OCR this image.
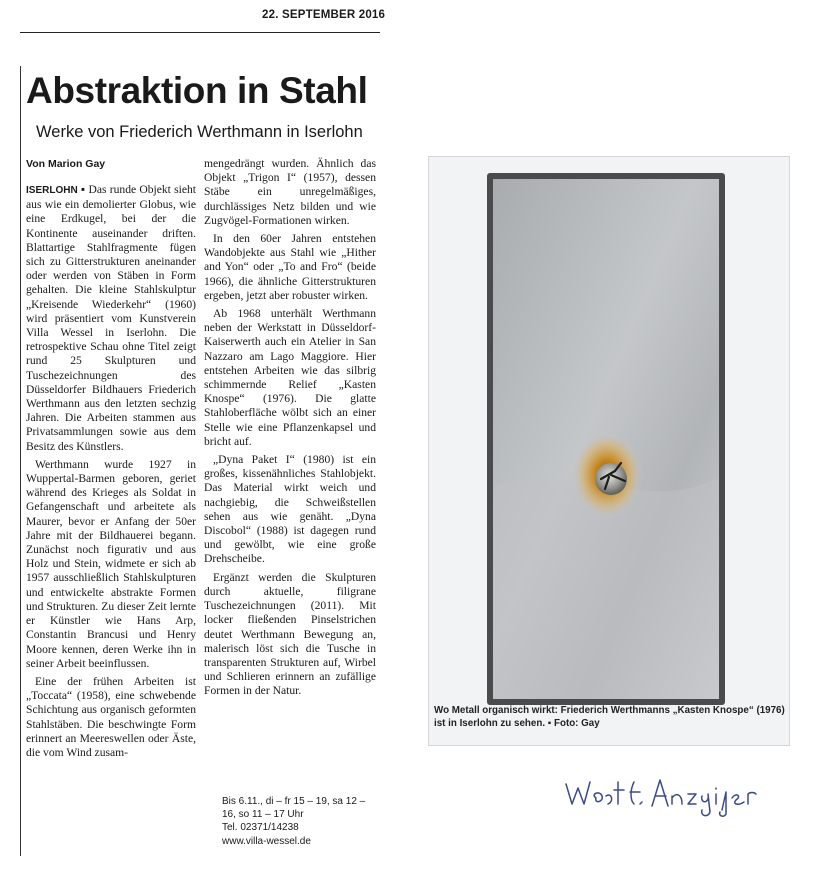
22. SEPTEMBER 2016
Abstraktion in Stahl
Werke von Friederich Werthmann in Iserlohn
Von Marion Gay

ISERLOHN ▪ Das runde Objekt sieht aus wie ein demolierter Globus, wie eine Erdkugel, bei der die Kontinente auseinander driften. Blattartige Stahlfragmente fügen sich zu Gitterstrukturen aneinander oder werden von Stäben in Form gehalten. Die kleine Stahlskulptur „Kreisende Wiederkehr“ (1960) wird präsentiert vom Kunstverein Villa Wessel in Iserlohn. Die retrospektive Schau ohne Titel zeigt rund 25 Skulpturen und Tuschezeichnungen des Düsseldorfer Bildhauers Friederich Werthmann aus den letzten sechzig Jahren. Die Arbeiten stammen aus Privatsammlungen sowie aus dem Besitz des Künstlers.

Werthmann wurde 1927 in Wuppertal-Barmen geboren, geriet während des Krieges als Soldat in Gefangenschaft und arbeitete als Maurer, bevor er Anfang der 50er Jahre mit der Bildhauerei begann. Zunächst noch figurativ und aus Holz und Stein, widmete er sich ab 1957 ausschließlich Stahlskulpturen und entwickelte abstrakte Formen und Strukturen. Zu dieser Zeit lernte er Künstler wie Hans Arp, Constantin Brancusi und Henry Moore kennen, deren Werke ihn in seiner Arbeit beeinflussen.

Eine der frühen Arbeiten ist „Toccata“ (1958), eine schwebende Schichtung aus organisch geformten Stahlstäben. Die beschwingte Form erinnert an Meereswellen oder Äste, die vom Wind zusam-

mengedrängt wurden. Ähnlich das Objekt „Trigon I“ (1957), dessen Stäbe ein unregelmäßiges, durchlässiges Netz bilden und wie Zugvögel-Formationen wirken.

In den 60er Jahren entstehen Wandobjekte aus Stahl wie „Hither and Yon“ oder „To and Fro“ (beide 1966), die ähnliche Gitterstrukturen ergeben, jetzt aber robuster wirken.

Ab 1968 unterhält Werthmann neben der Werkstatt in Düsseldorf-Kaiserwerth auch ein Atelier in San Nazzaro am Lago Maggiore. Hier entstehen Arbeiten wie das silbrig schimmernde Relief „Kasten Knospe“ (1976). Die glatte Stahloberfläche wölbt sich an einer Stelle wie eine Pflanzenkapsel und bricht auf.

„Dyna Paket I“ (1980) ist ein großes, kissenähnliches Stahlobjekt. Das Material wirkt weich und nachgiebig, die Schweißstellen sehen aus wie genäht. „Dyna Discobol“ (1988) ist dagegen rund und gewölbt, wie eine große Drehscheibe.

Ergänzt werden die Skulpturen durch aktuelle, filigrane Tuschezeichnungen (2011). Mit locker fließenden Pinselstrichen deutet Werthmann Bewegung an, malerisch löst sich die Tusche in transparenten Strukturen auf, Wirbel und Schlieren erinnern an zufällige Formen in der Natur.

Bis 6.11., di – fr 15 – 19, sa 12 –
16, so 11 – 17 Uhr
Tel. 02371/14238
www.villa-wessel.de
Wo Metall organisch wirkt: Friederich Werthmanns „Kasten Knospe“ (1976) ist in Iserlohn zu sehen. ▪ Foto: Gay
